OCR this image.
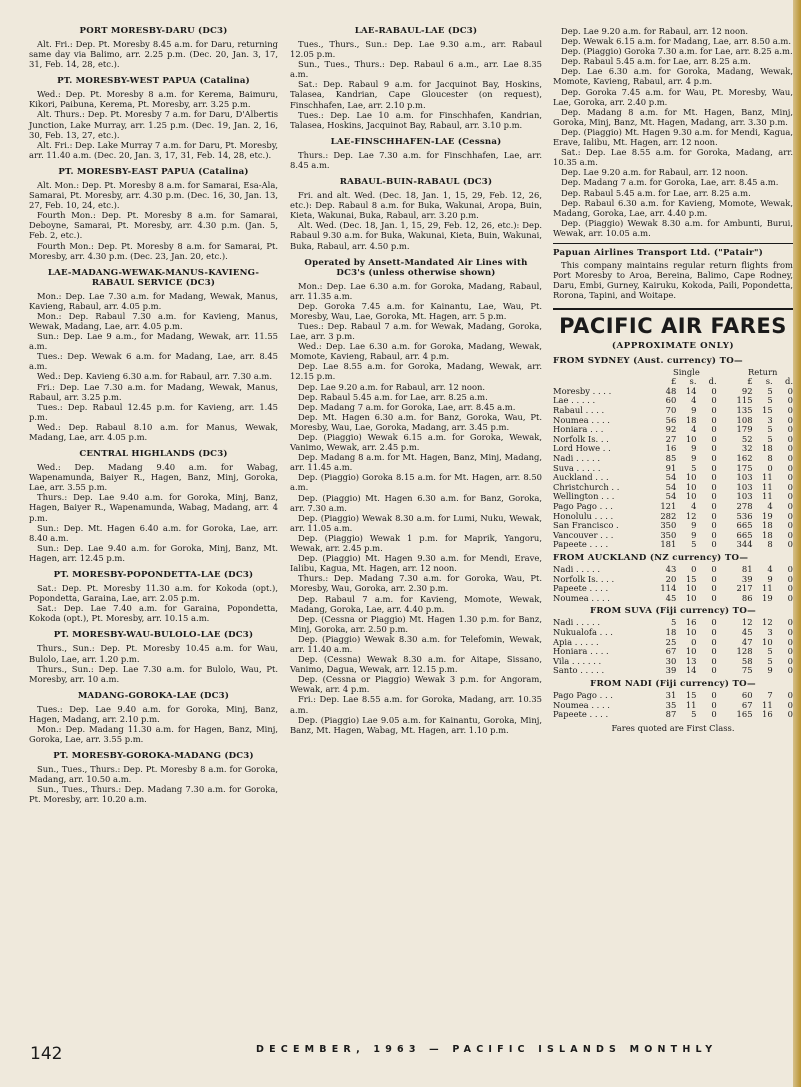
PORT MORESBY-DARU (DC3)

Alt. Fri.: Dep. Pt. Moresby 8.45 a.m. for Daru, returning same day via Balimo, arr. 2.25 p.m. (Dec. 20, Jan. 3, 17, 31, Feb. 14, 28, etc.).

PT. MORESBY-WEST PAPUA (Catalina)

Wed.: Dep. Pt. Moresby 8 a.m. for Kerema, Baimuru, Kikori, Paibuna, Kerema, Pt. Moresby, arr. 3.25 p.m.

Alt. Thurs.: Dep. Pt. Moresby 7 a.m. for Daru, D'Albertis Junction, Lake Murray, arr. 1.25 p.m. (Dec. 19, Jan. 2, 16, 30, Feb. 13, 27, etc.).

Alt. Fri.: Dep. Lake Murray 7 a.m. for Daru, Pt. Moresby, arr. 11.40 a.m. (Dec. 20, Jan. 3, 17, 31, Feb. 14, 28, etc.).

PT. MORESBY-EAST PAPUA (Catalina)

Alt. Mon.: Dep. Pt. Moresby 8 a.m. for Samarai, Esa-Ala, Samarai, Pt. Moresby, arr. 4.30 p.m. (Dec. 16, 30, Jan. 13, 27, Feb. 10, 24, etc.).

Fourth Mon.: Dep. Pt. Moresby 8 a.m. for Samarai, Deboyne, Samarai, Pt. Moresby, arr. 4.30 p.m. (Jan. 5, Feb. 2, etc.).

Fourth Mon.: Dep. Pt. Moresby 8 a.m. for Samarai, Pt. Moresby, arr. 4.30 p.m. (Dec. 23, Jan. 20, etc.).

LAE-MADANG-WEWAK-MANUS-KAVIENG-RABAUL SERVICE (DC3)

Mon.: Dep. Lae 7.30 a.m. for Madang, Wewak, Manus, Kavieng, Rabaul, arr. 4.05 p.m.

Mon.: Dep. Rabaul 7.30 a.m. for Kavieng, Manus, Wewak, Madang, Lae, arr. 4.05 p.m.

Sun.: Dep. Lae 9 a.m., for Madang, Wewak, arr. 11.55 a.m.

Tues.: Dep. Wewak 6 a.m. for Madang, Lae, arr. 8.45 a.m.

Wed.: Dep. Kavieng 6.30 a.m. for Rabaul, arr. 7.30 a.m.

Fri.: Dep. Lae 7.30 a.m. for Madang, Wewak, Manus, Rabaul, arr. 3.25 p.m.

Tues.: Dep. Rabaul 12.45 p.m. for Kavieng, arr. 1.45 p.m.

Wed.: Dep. Rabaul 8.10 a.m. for Manus, Wewak, Madang, Lae, arr. 4.05 p.m.

CENTRAL HIGHLANDS (DC3)

Wed.: Dep. Madang 9.40 a.m. for Wabag, Wapenamunda, Baiyer R., Hagen, Banz, Minj, Goroka, Lae, arr. 3.55 p.m.

Thurs.: Dep. Lae 9.40 a.m. for Goroka, Minj, Banz, Hagen, Baiyer R., Wapenamunda, Wabag, Madang, arr. 4 p.m.

Sun.: Dep. Mt. Hagen 6.40 a.m. for Goroka, Lae, arr. 8.40 a.m.

Sun.: Dep. Lae 9.40 a.m. for Goroka, Minj, Banz, Mt. Hagen, arr. 12.45 p.m.

PT. MORESBY-POPONDETTA-LAE (DC3)

Sat.: Dep. Pt. Moresby 11.30 a.m. for Kokoda (opt.), Popondetta, Garaina, Lae, arr. 2.05 p.m.

Sat.: Dep. Lae 7.40 a.m. for Garaina, Popondetta, Kokoda (opt.), Pt. Moresby, arr. 10.15 a.m.

PT. MORESBY-WAU-BULOLO-LAE (DC3)

Thurs., Sun.: Dep. Pt. Moresby 10.45 a.m. for Wau, Bulolo, Lae, arr. 1.20 p.m.

Thurs., Sun.: Dep. Lae 7.30 a.m. for Bulolo, Wau, Pt. Moresby, arr. 10 a.m.

MADANG-GOROKA-LAE (DC3)

Tues.: Dep. Lae 9.40 a.m. for Goroka, Minj, Banz, Hagen, Madang, arr. 2.10 p.m.

Mon.: Dep. Madang 11.30 a.m. for Hagen, Banz, Minj, Goroka, Lae, arr. 3.55 p.m.

PT. MORESBY-GOROKA-MADANG (DC3)

Sun., Tues., Thurs.: Dep. Pt. Moresby 8 a.m. for Goroka, Madang, arr. 10.50 a.m.

Sun., Tues., Thurs.: Dep. Madang 7.30 a.m. for Goroka, Pt. Moresby, arr. 10.20 a.m.

LAE-RABAUL-LAE (DC3)

Tues., Thurs., Sun.: Dep. Lae 9.30 a.m., arr. Rabaul 12.05 p.m.

Sun., Tues., Thurs.: Dep. Rabaul 6 a.m., arr. Lae 8.35 a.m.

Sat.: Dep. Rabaul 9 a.m. for Jacquinot Bay, Hoskins, Talasea, Kandrian, Cape Gloucester (on request), Finschhafen, Lae, arr. 2.10 p.m.

Tues.: Dep. Lae 10 a.m. for Finschhafen, Kandrian, Talasea, Hoskins, Jacquinot Bay, Rabaul, arr. 3.10 p.m.

LAE-FINSCHHAFEN-LAE (Cessna)

Thurs.: Dep. Lae 7.30 a.m. for Finschhafen, Lae, arr. 8.45 a.m.

RABAUL-BUIN-RABAUL (DC3)

Fri. and alt. Wed. (Dec. 18, Jan. 1, 15, 29, Feb. 12, 26, etc.): Dep. Rabaul 8 a.m. for Buka, Wakunai, Aropa, Buin, Kieta, Wakunai, Buka, Rabaul, arr. 3.20 p.m.

Alt. Wed. (Dec. 18, Jan. 1, 15, 29, Feb. 12, 26, etc.): Dep. Rabaul 9.30 a.m. for Buka, Wakunai, Kieta, Buin, Wakunai, Buka, Rabaul, arr. 4.50 p.m.

Operated by Ansett-Mandated Air Lines with DC3's (unless otherwise shown)

Mon.: Dep. Lae 6.30 a.m. for Goroka, Madang, Rabaul, arr. 11.35 a.m.

Dep. Goroka 7.45 a.m. for Kainantu, Lae, Wau, Pt. Moresby, Wau, Lae, Goroka, Mt. Hagen, arr. 5 p.m.

Tues.: Dep. Rabaul 7 a.m. for Wewak, Madang, Goroka, Lae, arr. 3 p.m.

Wed.: Dep. Lae 6.30 a.m. for Goroka, Madang, Wewak, Momote, Kavieng, Rabaul, arr. 4 p.m.

Dep. Lae 8.55 a.m. for Goroka, Madang, Wewak, arr. 12.15 p.m.

Dep. Lae 9.20 a.m. for Rabaul, arr. 12 noon.

Dep. Rabaul 5.45 a.m. for Lae, arr. 8.25 a.m.

Dep. Madang 7 a.m. for Goroka, Lae, arr. 8.45 a.m.

Dep. Mt. Hagen 6.30 a.m. for Banz, Goroka, Wau, Pt. Moresby, Wau, Lae, Goroka, Madang, arr. 3.45 p.m.

Dep. (Piaggio) Wewak 6.15 a.m. for Goroka, Wewak, Vanimo, Wewak, arr. 2.45 p.m.

Dep. Madang 8 a.m. for Mt. Hagen, Banz, Minj, Madang, arr. 11.45 a.m.

Dep. (Piaggio) Goroka 8.15 a.m. for Mt. Hagen, arr. 8.50 a.m.

Dep. (Piaggio) Mt. Hagen 6.30 a.m. for Banz, Goroka, arr. 7.30 a.m.

Dep. (Piaggio) Wewak 8.30 a.m. for Lumi, Nuku, Wewak, arr. 11.05 a.m.

Dep. (Piaggio) Wewak 1 p.m. for Maprik, Yangoru, Wewak, arr. 2.45 p.m.

Dep. (Piaggio) Mt. Hagen 9.30 a.m. for Mendi, Erave, Ialibu, Kagua, Mt. Hagen, arr. 12 noon.

Thurs.: Dep. Madang 7.30 a.m. for Goroka, Wau, Pt. Moresby, Wau, Goroka, arr. 2.30 p.m.

Dep. Rabaul 7 a.m. for Kavieng, Momote, Wewak, Madang, Goroka, Lae, arr. 4.40 p.m.

Dep. (Cessna or Piaggio) Mt. Hagen 1.30 p.m. for Banz, Minj, Goroka, arr. 2.50 p.m.

Dep. (Piaggio) Wewak 8.30 a.m. for Telefomin, Wewak, arr. 11.40 a.m.

Dep. (Cessna) Wewak 8.30 a.m. for Aitape, Sissano, Vanimo, Dagua, Wewak, arr. 12.15 p.m.

Dep. (Cessna or Piaggio) Wewak 3 p.m. for Angoram, Wewak, arr. 4 p.m.

Fri.: Dep. Lae 8.55 a.m. for Goroka, Madang, arr. 10.35 a.m.

Dep. (Piaggio) Lae 9.05 a.m. for Kainantu, Goroka, Minj, Banz, Mt. Hagen, Wabag, Mt. Hagen, arr. 1.10 p.m.

Dep. Lae 9.20 a.m. for Rabaul, arr. 12 noon.

Dep. Wewak 6.15 a.m. for Madang, Lae, arr. 8.50 a.m.

Dep. (Piaggio) Goroka 7.30 a.m. for Lae, arr. 8.25 a.m.

Dep. Rabaul 5.45 a.m. for Lae, arr. 8.25 a.m.

Dep. Lae 6.30 a.m. for Goroka, Madang, Wewak, Momote, Kavieng, Rabaul, arr. 4 p.m.

Dep. Goroka 7.45 a.m. for Wau, Pt. Moresby, Wau, Lae, Goroka, arr. 2.40 p.m.

Dep. Madang 8 a.m. for Mt. Hagen, Banz, Minj, Goroka, Minj, Banz, Mt. Hagen, Madang, arr. 3.30 p.m.

Dep. (Piaggio) Mt. Hagen 9.30 a.m. for Mendi, Kagua, Erave, Ialibu, Mt. Hagen, arr. 12 noon.

Sat.: Dep. Lae 8.55 a.m. for Goroka, Madang, arr. 10.35 a.m.

Dep. Lae 9.20 a.m. for Rabaul, arr. 12 noon.

Dep. Madang 7 a.m. for Goroka, Lae, arr. 8.45 a.m.

Dep. Rabaul 5.45 a.m. for Lae, arr. 8.25 a.m.

Dep. Rabaul 6.30 a.m. for Kavieng, Momote, Wewak, Madang, Goroka, Lae, arr. 4.40 p.m.

Dep. (Piaggio) Wewak 8.30 a.m. for Ambunti, Burui, Wewak, arr. 10.05 a.m.

Papuan Airlines Transport Ltd. ("Patair")

This company maintains regular return flights from Port Moresby to Aroa, Bereina, Balimo, Cape Rodney, Daru, Embi, Gurney, Kairuku, Kokoda, Paili, Popondetta, Rorona, Tapini, and Woitape.

PACIFIC AIR FARES
(APPROXIMATE ONLY)
FROM SYDNEY (Aust. currency) TO—
	Single				Return		
	£	s.	d.		£	s.	d.
Moresby . . . .	48	14	0		92	5	0
Lae . . . . .	60	4	0		115	5	0
Rabaul . . . .	70	9	0		135	15	0
Noumea . . . .	56	18	0		108	3	0
Honiara . . .	92	4	0		179	5	0
Norfolk Is. . .	27	10	0		52	5	0
Lord Howe . .	16	9	0		32	18	0
Nadi . . . . .	85	9	0		162	8	0
Suva . . . . .	91	5	0		175	0	0
Auckland . . .	54	10	0		103	11	0
Christchurch . .	54	10	0		103	11	0
Wellington . . .	54	10	0		103	11	0
Pago Pago . . .	121	4	0		278	4	0
Honolulu . . . .	282	12	0		536	19	0
San Francisco .	350	9	0		665	18	0
Vancouver . . .	350	9	0		665	18	0
Papeete . . . .	181	5	0		344	8	0
FROM AUCKLAND (NZ currency) TO—
Nadi . . . . .	43	0	0		81	4	0
Norfolk Is. . . .	20	15	0		39	9	0
Papeete . . . .	114	10	0		217	11	0
Noumea . . . .	45	10	0		86	19	0
FROM SUVA (Fiji currency) TO—
Nadi . . . . .	5	16	0		12	12	0
Nukualofa . . .	18	10	0		45	3	0
Apia . . . . .	25	0	0		47	10	0
Honiara . . . .	67	10	0		128	5	0
Vila . . . . . .	30	13	0		58	5	0
Santo . . . . .	39	14	0		75	9	0
FROM NADI (Fiji currency) TO—
Pago Pago . . .	31	15	0		60	7	0
Noumea . . . .	35	11	0		67	11	0
Papeete . . . .	87	5	0		165	16	0
Fares quoted are First Class.
142	DECEMBER, 1963 — PACIFIC ISLANDS MONTHLY
